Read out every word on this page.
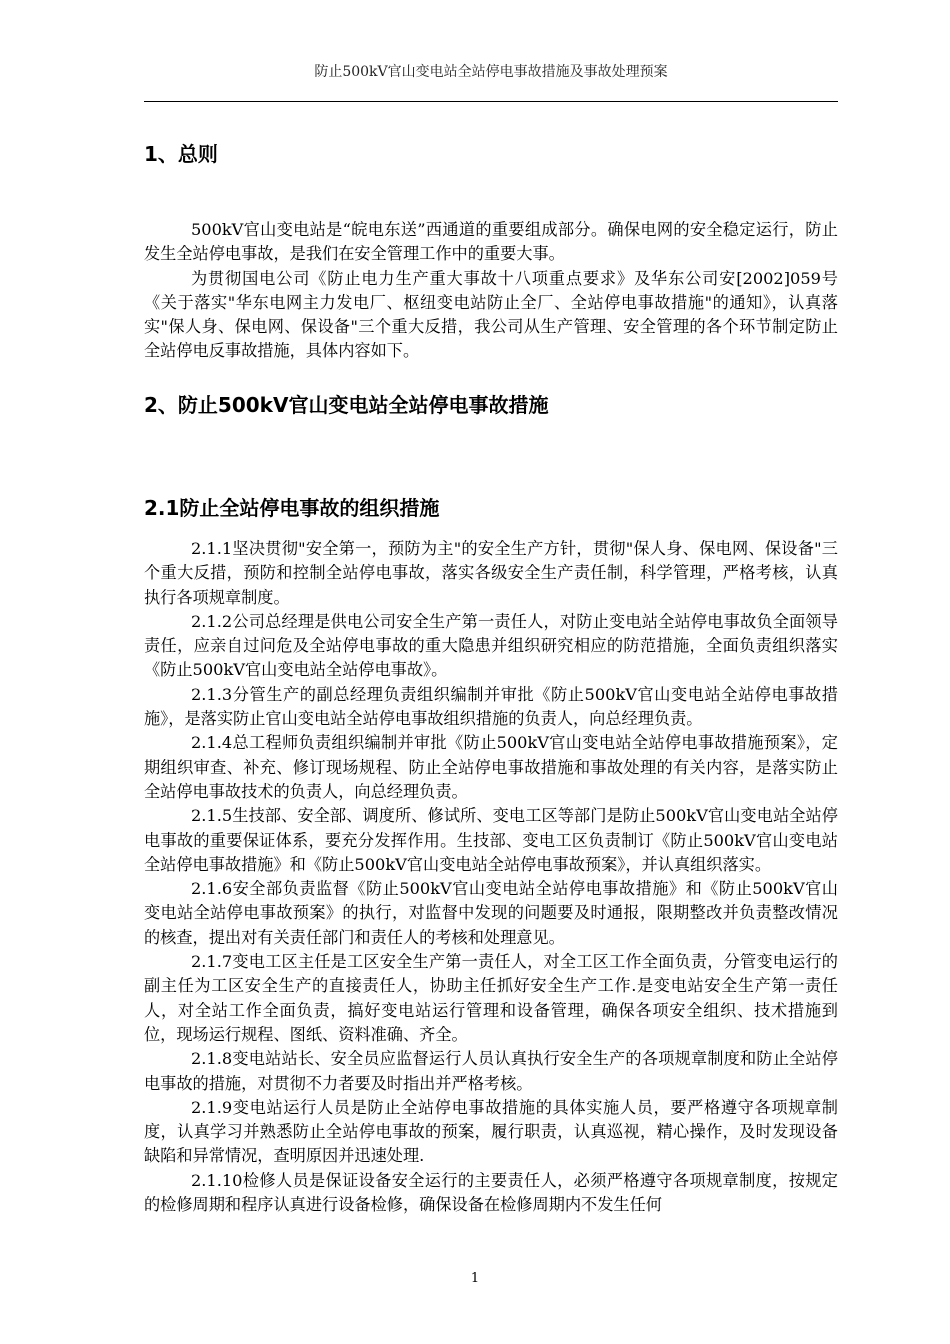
防止500kV官山变电站全站停电事故措施及事故处理预案
1、总则

500kV官山变电站是“皖电东送”西通道的重要组成部分。确保电网的安全稳定运行，防止发生全站停电事故，是我们在安全管理工作中的重要大事。

为贯彻国电公司《防止电力生产重大事故十八项重点要求》及华东公司安[2002]059号《关于落实"华东电网主力发电厂、枢纽变电站防止全厂、全站停电事故措施"的通知》，认真落实"保人身、保电网、保设备"三个重大反措，我公司从生产管理、安全管理的各个环节制定防止全站停电反事故措施，具体内容如下。

2、防止500kV官山变电站全站停电事故措施
2.1防止全站停电事故的组织措施

2.1.1坚决贯彻"安全第一，预防为主"的安全生产方针，贯彻"保人身、保电网、保设备"三个重大反措，预防和控制全站停电事故，落实各级安全生产责任制，科学管理，严格考核，认真执行各项规章制度。

2.1.2公司总经理是供电公司安全生产第一责任人，对防止变电站全站停电事故负全面领导责任，应亲自过问危及全站停电事故的重大隐患并组织研究相应的防范措施，全面负责组织落实《防止500kV官山变电站全站停电事故》。

2.1.3分管生产的副总经理负责组织编制并审批《防止500kV官山变电站全站停电事故措施》，是落实防止官山变电站全站停电事故组织措施的负责人，向总经理负责。

2.1.4总工程师负责组织编制并审批《防止500kV官山变电站全站停电事故措施预案》，定期组织审查、补充、修订现场规程、防止全站停电事故措施和事故处理的有关内容，是落实防止全站停电事故技术的负责人，向总经理负责。

2.1.5生技部、安全部、调度所、修试所、变电工区等部门是防止500kV官山变电站全站停电事故的重要保证体系，要充分发挥作用。生技部、变电工区负责制订《防止500kV官山变电站全站停电事故措施》和《防止500kV官山变电站全站停电事故预案》，并认真组织落实。

2.1.6安全部负责监督《防止500kV官山变电站全站停电事故措施》和《防止500kV官山变电站全站停电事故预案》的执行，对监督中发现的问题要及时通报，限期整改并负责整改情况的核查，提出对有关责任部门和责任人的考核和处理意见。

2.1.7变电工区主任是工区安全生产第一责任人，对全工区工作全面负责，分管变电运行的副主任为工区安全生产的直接责任人，协助主任抓好安全生产工作.是变电站安全生产第一责任人，对全站工作全面负责，搞好变电站运行管理和设备管理，确保各项安全组织、技术措施到位，现场运行规程、图纸、资料准确、齐全。

2.1.8变电站站长、安全员应监督运行人员认真执行安全生产的各项规章制度和防止全站停电事故的措施，对贯彻不力者要及时指出并严格考核。

2.1.9变电站运行人员是防止全站停电事故措施的具体实施人员，要严格遵守各项规章制度，认真学习并熟悉防止全站停电事故的预案，履行职责，认真巡视，精心操作，及时发现设备缺陷和异常情况，查明原因并迅速处理.

2.1.10检修人员是保证设备安全运行的主要责任人，必须严格遵守各项规章制度，按规定的检修周期和程序认真进行设备检修，确保设备在检修周期内不发生任何

1
